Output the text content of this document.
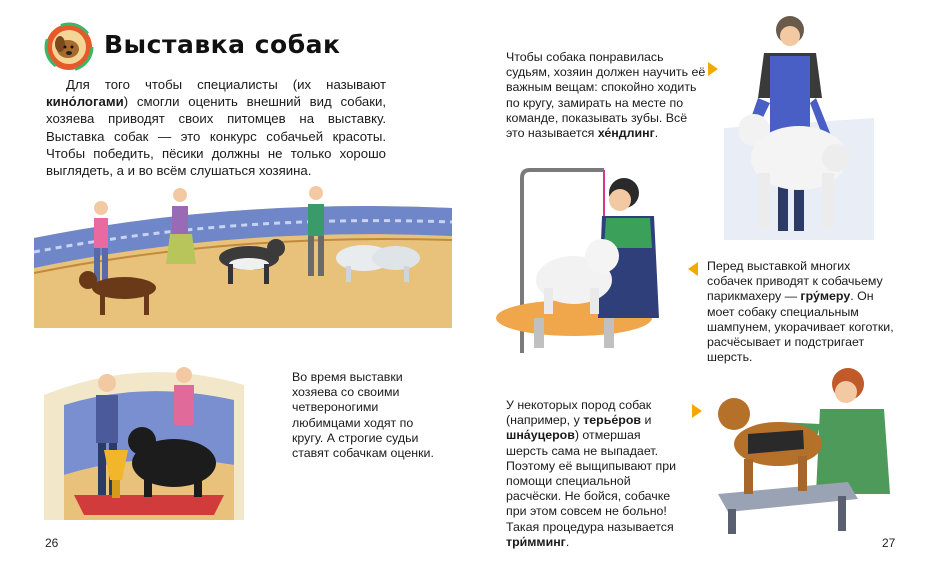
Выставка собак
Для того чтобы специалисты (их называют кино́логами) смогли оценить внешний вид собаки, хозяева приводят своих питомцев на выставку. Выставка собак — это конкурс собачьей красоты. Чтобы победить, пёсики должны не только хорошо выглядеть, а и во всём слушаться хозяина.
Во время выставки хозяева со своими четвероногими любимцами ходят по кругу. А строгие судьи ставят собачкам оценки.
26
Чтобы собака понравилась судьям, хозяин должен научить её важным вещам: спокойно ходить по кругу, замирать на месте по команде, показывать зубы. Всё это называется хе́ндлинг.
Перед выставкой многих собачек приводят к собачьему парикмахеру — гру́меру. Он моет собаку специальным шампунем, укорачивает коготки, расчёсывает и подстригает шерсть.
У некоторых пород собак (например, у терье́ров и шна́уцеров) отмершая шерсть сама не выпадает. Поэтому её выщипывают при помощи специальной расчёски. Не бойся, собачке при этом совсем не больно! Такая процедура называется три́мминг.	27
